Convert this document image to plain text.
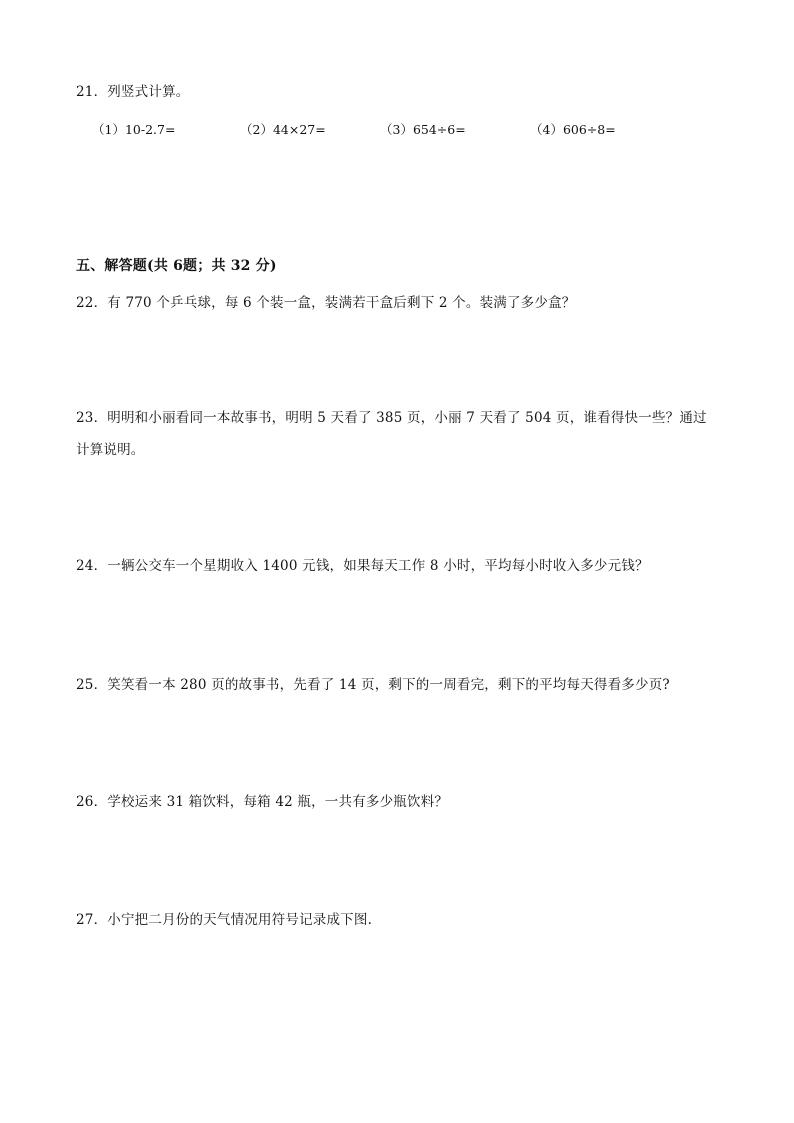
21．列竖式计算。
（1）10-2.7=	（2）44×27=	（3）654÷6=	（4）606÷8=
五、解答题(共 6题；共 32 分)
22．有 770 个乒乓球，每 6 个装一盒，装满若干盒后剩下 2 个。装满了多少盒？
23．明明和小丽看同一本故事书，明明 5 天看了 385 页，小丽 7 天看了 504 页，谁看得快一些？通过
计算说明。
24．一辆公交车一个星期收入 1400 元钱，如果每天工作 8 小时，平均每小时收入多少元钱？
25．笑笑看一本 280 页的故事书，先看了 14 页，剩下的一周看完，剩下的平均每天得看多少页?
26．学校运来 31 箱饮料，每箱 42 瓶，一共有多少瓶饮料？
27．小宁把二月份的天气情况用符号记录成下图.
